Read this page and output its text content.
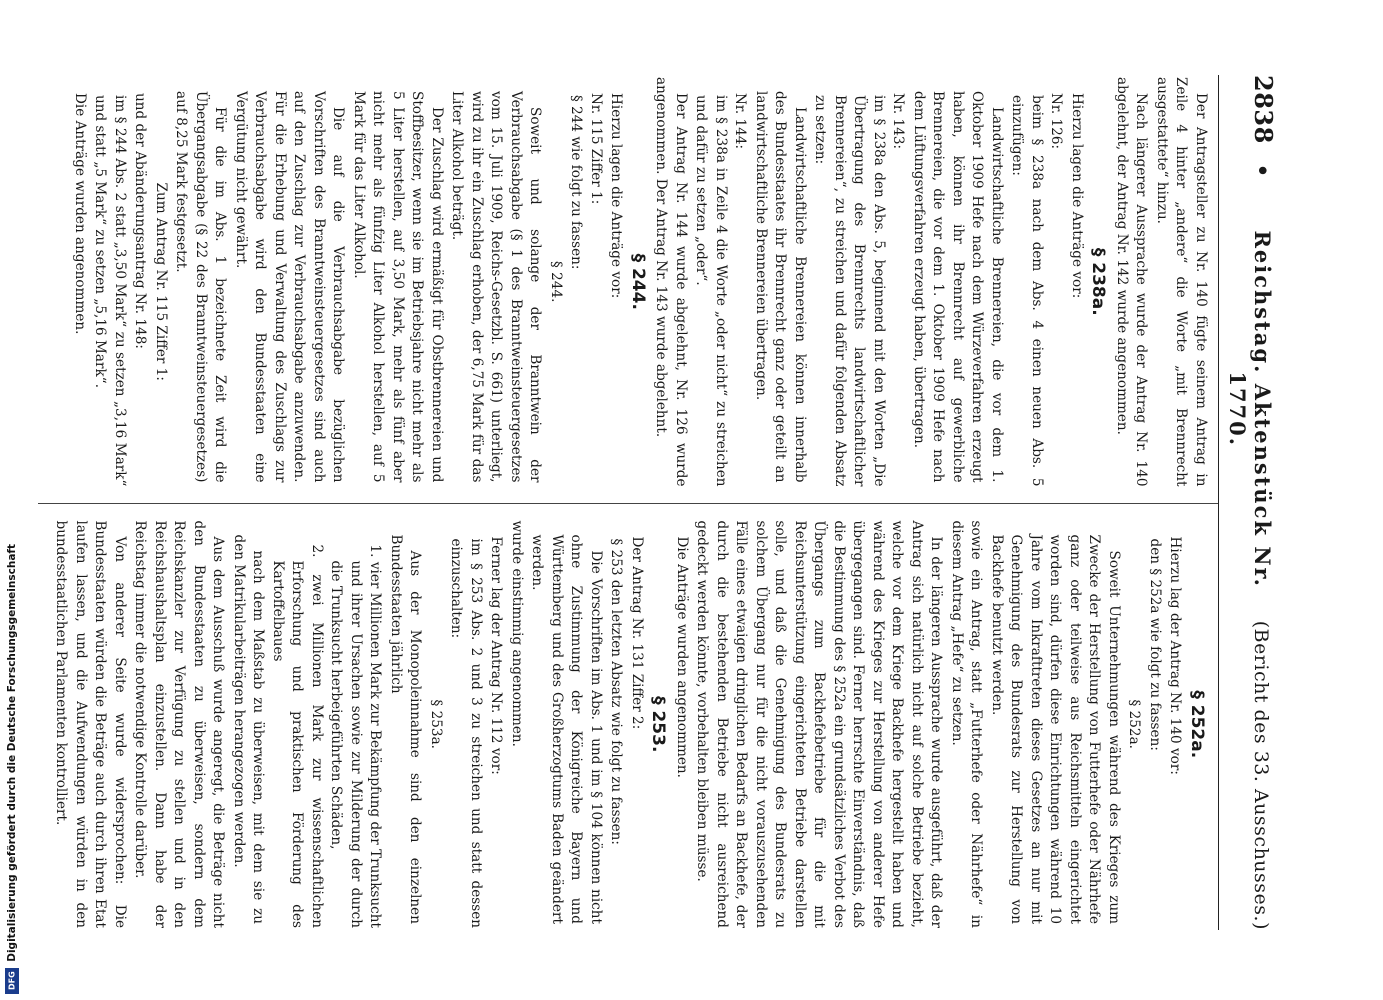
2838
•
Reichstag. Aktenstück Nr. 1770.
(Bericht des 33. Ausschusses.)

Der Antragsteller zu Nr. 140 fügte seinem Antrag in Zeile 4 hinter „andere“ die Worte „mit Brennrecht ausgestattete“ hinzu.

Nach längerer Aussprache wurde der Antrag Nr. 140 abgelehnt, der Antrag Nr. 142 wurde angenommen.

§ 238a.

Hierzu lagen die Anträge vor:

Nr. 126:

beim § 238a nach dem Abs. 4 einen neuen Abs. 5 einzufügen:

Landwirtschaftliche Brennereien, die vor dem 1. Oktober 1909 Hefe nach dem Würzeverfahren erzeugt haben, können ihr Brennrecht auf gewerbliche Brennereien, die vor dem 1. Oktober 1909 Hefe nach dem Lüftungsverfahren erzeugt haben, übertragen.

Nr. 143:

im § 238a den Abs. 5, beginnend mit den Worten „Die Übertragung des Brennrechts landwirtschaftlicher Brennereien“, zu streichen und dafür folgenden Absatz zu setzen:

Landwirtschaftliche Brennereien können innerhalb des Bundesstaates ihr Brennrecht ganz oder geteilt an landwirtschaftliche Brennereien übertragen.

Nr. 144:

im § 238a in Zeile 4 die Worte „oder nicht“ zu streichen und dafür zu setzen „oder“.

Der Antrag Nr. 144 wurde abgelehnt, Nr. 126 wurde angenommen. Der Antrag Nr. 143 wurde abgelehnt.

§ 244.

Hierzu lagen die Anträge vor:

Nr. 115 Ziffer 1:

§ 244 wie folgt zu fassen:

§ 244.

Soweit und solange der Branntwein der Verbrauchsabgabe (§ 1 des Branntweinsteuergesetzes vom 15. Juli 1909, Reichs-Gesetzbl. S. 661) unterliegt, wird zu ihr ein Zuschlag erhoben, der 6,75 Mark für das Liter Alkohol beträgt.

Der Zuschlag wird ermäßigt für Obstbrennereien und Stoffbesitzer, wenn sie im Betriebsjahre nicht mehr als 5 Liter herstellen, auf 3,50 Mark, mehr als fünf aber nicht mehr als fünfzig Liter Alkohol herstellen, auf 5 Mark für das Liter Alkohol.

Die auf die Verbrauchsabgabe bezüglichen Vorschriften des Branntweinsteuergesetzes sind auch auf den Zuschlag zur Verbrauchsabgabe anzuwenden. Für die Erhebung und Verwaltung des Zuschlags zur Verbrauchsabgabe wird den Bundesstaaten eine Vergütung nicht gewährt.

Für die im Abs. 1 bezeichnete Zeit wird die Übergangsabgabe (§ 22 des Branntweinsteuergesetzes) auf 8,25 Mark festgesetzt.

Zum Antrag Nr. 115 Ziffer 1:

und der Abänderungsantrag Nr. 148:

im § 244 Abs. 2 statt „3,50 Mark“ zu setzen „3,16 Mark“ und statt „5 Mark“ zu setzen „5,16 Mark“.

Die Anträge wurden angenommen.

§ 252a.

Hierzu lag der Antrag Nr. 140 vor:

den § 252a wie folgt zu fassen:

§ 252a.

Soweit Unternehmungen während des Krieges zum Zwecke der Herstellung von Futterhefe oder Nährhefe ganz oder teilweise aus Reichsmitteln eingerichtet worden sind, dürfen diese Einrichtungen während 10 Jahre vom Inkrafttreten dieses Gesetzes an nur mit Genehmigung des Bundesrats zur Herstellung von Backhefe benutzt werden.

sowie ein Antrag, statt „Futterhefe oder Nährhefe“ in diesem Antrag „Hefe“ zu setzen.

In der längeren Aussprache wurde ausgeführt, daß der Antrag sich natürlich nicht auf solche Betriebe bezieht, welche vor dem Kriege Backhefe hergestellt haben und während des Krieges zur Herstellung von anderer Hefe übergegangen sind. Ferner herrschte Einverständnis, daß die Bestimmung des § 252a ein grundsätzliches Verbot des Übergangs zum Backhefebetriebe für die mit Reichsunterstützung eingerichteten Betriebe darstellen solle, und daß die Genehmigung des Bundesrats zu solchem Übergang nur für die nicht vorauszusehenden Fälle eines etwaigen dringlichen Bedarfs an Backhefe, der durch die bestehenden Betriebe nicht ausreichend gedeckt werden könnte, vorbehalten bleiben müsse.

Die Anträge wurden angenommen.

§ 253.

Der Antrag Nr. 131 Ziffer 2:

§ 253 den letzten Absatz wie folgt zu fassen:

Die Vorschriften im Abs. 1 und im § 104 können nicht ohne Zustimmung der Königreiche Bayern und Württemberg und des Großherzogtums Baden geändert werden.

wurde einstimmig angenommen.

Ferner lag der Antrag Nr. 112 vor:

im § 253 Abs. 2 und 3 zu streichen und statt dessen einzuschalten:

§ 253a.

Aus der Monopoleinnahme sind den einzelnen Bundesstaaten jährlich

1. vier Millionen Mark zur Bekämpfung der Trunksucht und ihrer Ursachen sowie zur Milderung der durch die Trunksucht herbeigeführten Schäden,

2. zwei Millionen Mark zur wissenschaftlichen Erforschung und praktischen Förderung des Kartoffelbaues

nach dem Maßstab zu überweisen, mit dem sie zu den Matrikularbeiträgen herangezogen werden.

Aus dem Ausschuß wurde angeregt, die Beträge nicht den Bundesstaaten zu überweisen, sondern dem Reichskanzler zur Verfügung zu stellen und in den Reichshaushaltsplan einzustellen. Dann habe der Reichstag immer die notwendige Kontrolle darüber.

Von anderer Seite wurde widersprochen: Die Bundesstaaten würden die Beträge auch durch ihren Etat laufen lassen, und die Aufwendungen würden in den bundesstaatlichen Parlamenten kontrolliert.

Digitalisierung gefördert durch die Deutsche Forschungsgemeinschaft
DFG
